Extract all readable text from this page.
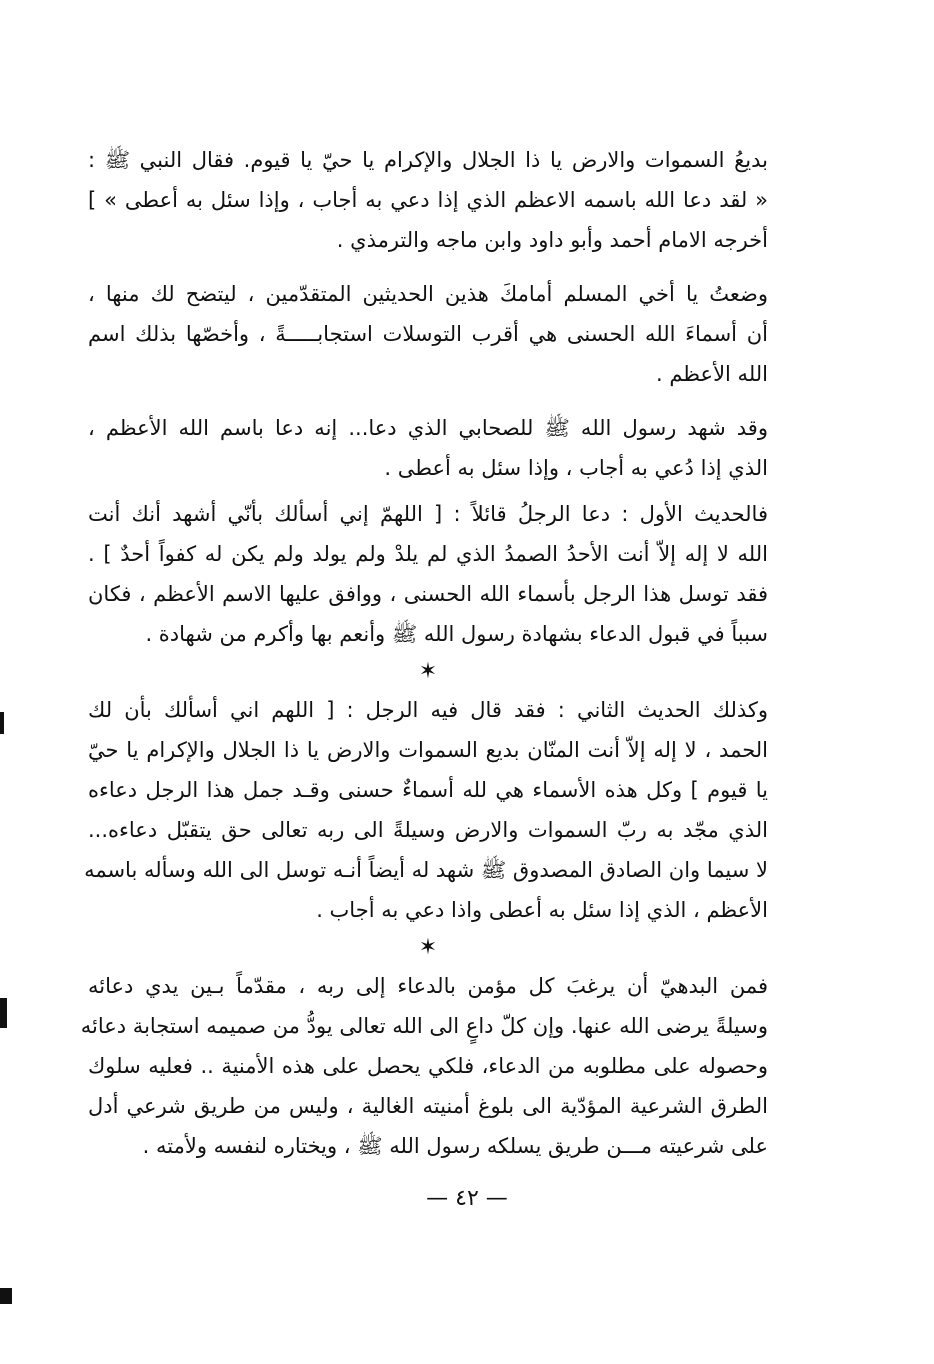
بديعُ السموات والارض يا ذا الجلال والإكرام يا حيّ يا قيوم. فقال النبي ﷺ :
« لقد دعا الله باسمه الاعظم الذي إذا دعي به أجاب ، وإذا سئل به أعطى » ]
أخرجه الامام أحمد وأبو داود وابن ماجه والترمذي .
وضعتُ يا أخي المسلم أمامكَ هذين الحديثين المتقدّمين ، ليتضح لك منها ،
أن أسماءَ الله الحسنى هي أقرب التوسلات استجابـــــةً ، وأخصّها بذلك اسم
الله الأعظم .
وقد شهد رسول الله ﷺ للصحابي الذي دعا... إنه دعا باسم الله الأعظم ،
الذي إذا دُعي به أجاب ، وإذا سئل به أعطى .
فالحديث الأول : دعا الرجلُ قائلاً : [ اللهمّ إني أسألك بأنّي أشهد أنك أنت
الله لا إله إلاّ أنت الأحدُ الصمدُ الذي لم يلدْ ولم يولد ولم يكن له كفواً أحدٌ ] .
فقد توسل هذا الرجل بأسماء الله الحسنى ، ووافق عليها الاسم الأعظم ، فكان
سبباً في قبول الدعاء بشهادة رسول الله ﷺ وأنعم بها وأكرم من شهادة .
✶
وكذلك الحديث الثاني : فقد قال فيه الرجل : [ اللهم اني أسألك بأن لك
الحمد ، لا إله إلاّ أنت المنّان بديع السموات والارض يا ذا الجلال والإكرام يا حيّ
يا قيوم ] وكل هذه الأسماء هي لله أسماءٌ حسنى وقـد جمل هذا الرجل دعاءه
الذي مجّد به ربّ السموات والارض وسيلةً الى ربه تعالى حق يتقبّل دعاءه...
لا سيما وان الصادق المصدوق ﷺ شهد له أيضاً أنـه توسل الى الله وسأله باسمه
الأعظم ، الذي إذا سئل به أعطى واذا دعي به أجاب .
✶
فمن البدهيّ أن يرغبَ كل مؤمن بالدعاء إلى ربه ، مقدّماً بـين يدي دعائه
وسيلةً يرضى الله عنها. وإن كلّ داعٍ الى الله تعالى يودُّ من صميمه استجابة دعائه
وحصوله على مطلوبه من الدعاء، فلكي يحصل على هذه الأمنية .. فعليه سلوك
الطرق الشرعية المؤدّية الى بلوغ أمنيته الغالية ، وليس من طريق شرعي أدل
على شرعيته مـــن طريق يسلكه رسول الله ﷺ ، ويختاره لنفسه ولأمته .
— ٤٢ —
